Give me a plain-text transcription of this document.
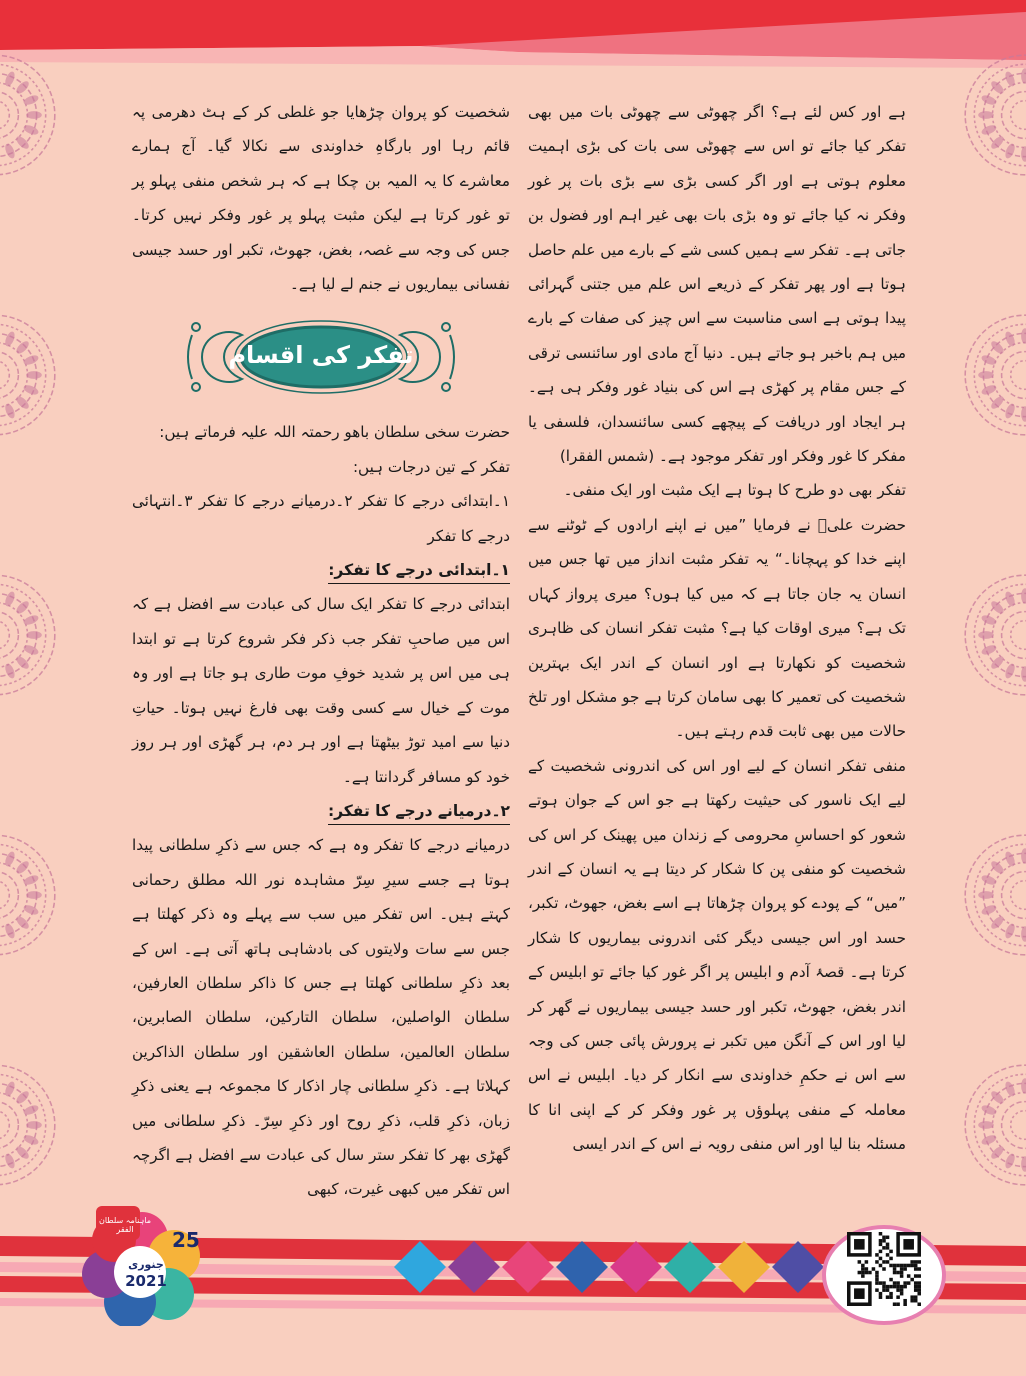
ہے اور کس لئے ہے؟ اگر چھوٹی سے چھوٹی بات میں بھی تفکر کیا جائے تو اس سے چھوٹی سی بات کی بڑی اہمیت معلوم ہوتی ہے اور اگر کسی بڑی سے بڑی بات پر غور وفکر نہ کیا جائے تو وہ بڑی بات بھی غیر اہم اور فضول بن جاتی ہے۔ تفکر سے ہمیں کسی شے کے بارے میں علم حاصل ہوتا ہے اور پھر تفکر کے ذریعے اس علم میں جتنی گہرائی پیدا ہوتی ہے اسی مناسبت سے اس چیز کی صفات کے بارے میں ہم باخبر ہو جاتے ہیں۔ دنیا آج مادی اور سائنسی ترقی کے جس مقام پر کھڑی ہے اس کی بنیاد غور وفکر ہی ہے۔ ہر ایجاد اور دریافت کے پیچھے کسی سائنسدان، فلسفی یا مفکر کا غور وفکر اور تفکر موجود ہے۔ (شمس الفقرا)

تفکر بھی دو طرح کا ہوتا ہے ایک مثبت اور ایک منفی۔

حضرت علیؓ نے فرمایا ”میں نے اپنے ارادوں کے ٹوٹنے سے اپنے خدا کو پہچانا۔“ یہ تفکر مثبت انداز میں تھا جس میں انسان یہ جان جاتا ہے کہ میں کیا ہوں؟ میری پرواز کہاں تک ہے؟ میری اوقات کیا ہے؟ مثبت تفکر انسان کی ظاہری شخصیت کو نکھارتا ہے اور انسان کے اندر ایک بہترین شخصیت کی تعمیر کا بھی سامان کرتا ہے جو مشکل اور تلخ حالات میں بھی ثابت قدم رہتے ہیں۔

منفی تفکر انسان کے لیے اور اس کی اندرونی شخصیت کے لیے ایک ناسور کی حیثیت رکھتا ہے جو اس کے جوان ہوتے شعور کو احساسِ محرومی کے زندان میں پھینک کر اس کی شخصیت کو منفی پن کا شکار کر دیتا ہے یہ انسان کے اندر ”میں“ کے پودے کو پروان چڑھاتا ہے اسے بغض، جھوٹ، تکبر، حسد اور اس جیسی دیگر کئی اندرونی بیماریوں کا شکار کرتا ہے۔ قصۂ آدم و ابلیس پر اگر غور کیا جائے تو ابلیس کے اندر بغض، جھوٹ، تکبر اور حسد جیسی بیماریوں نے گھر کر لیا اور اس کے آنگن میں تکبر نے پرورش پائی جس کی وجہ سے اس نے حکمِ خداوندی سے انکار کر دیا۔ ابلیس نے اس معاملہ کے منفی پہلوؤں پر غور وفکر کر کے اپنی انا کا مسئلہ بنا لیا اور اس منفی رویہ نے اس کے اندر ایسی

شخصیت کو پروان چڑھایا جو غلطی کر کے ہٹ دھرمی پہ قائم رہا اور بارگاہِ خداوندی سے نکالا گیا۔ آج ہمارے معاشرے کا یہ المیہ بن چکا ہے کہ ہر شخص منفی پہلو پر تو غور کرتا ہے لیکن مثبت پہلو پر غور وفکر نہیں کرتا۔ جس کی وجہ سے غصہ، بغض، جھوٹ، تکبر اور حسد جیسی نفسانی بیماریوں نے جنم لے لیا ہے۔

تفکر کی اقسام

حضرت سخی سلطان باھو رحمتہ اللہ علیہ فرماتے ہیں:

تفکر کے تین درجات ہیں:

۱۔ابتدائی درجے کا تفکر ۲۔درمیانے درجے کا تفکر ۳۔انتہائی درجے کا تفکر

۱۔ابتدائی درجے کا تفکر:

ابتدائی درجے کا تفکر ایک سال کی عبادت سے افضل ہے کہ اس میں صاحبِ تفکر جب ذکر فکر شروع کرتا ہے تو ابتدا ہی میں اس پر شدید خوفِ موت طاری ہو جاتا ہے اور وہ موت کے خیال سے کسی وقت بھی فارغ نہیں ہوتا۔ حیاتِ دنیا سے امید توڑ بیٹھتا ہے اور ہر دم، ہر گھڑی اور ہر روز خود کو مسافر گردانتا ہے۔

۲۔درمیانے درجے کا تفکر:

درمیانے درجے کا تفکر وہ ہے کہ جس سے ذکرِ سلطانی پیدا ہوتا ہے جسے سیرِ سِرّ مشاہدہ نور اللہ مطلق رحمانی کہتے ہیں۔ اس تفکر میں سب سے پہلے وہ ذکر کھلتا ہے جس سے سات ولایتوں کی بادشاہی ہاتھ آتی ہے۔ اس کے بعد ذکرِ سلطانی کھلتا ہے جس کا ذاکر سلطان العارفین، سلطان الواصلین، سلطان التارکین، سلطان الصابرین، سلطان العالمین، سلطان العاشقین اور سلطان الذاکرین کہلاتا ہے۔ ذکرِ سلطانی چار اذکار کا مجموعہ ہے یعنی ذکرِ زبان، ذکرِ قلب، ذکرِ روح اور ذکرِ سِرّ۔ ذکرِ سلطانی میں گھڑی بھر کا تفکر ستر سال کی عبادت سے افضل ہے اگرچہ اس تفکر میں کبھی غیرت، کبھی

ماہنامہ سلطان الفقر	25
جنوری
2021
